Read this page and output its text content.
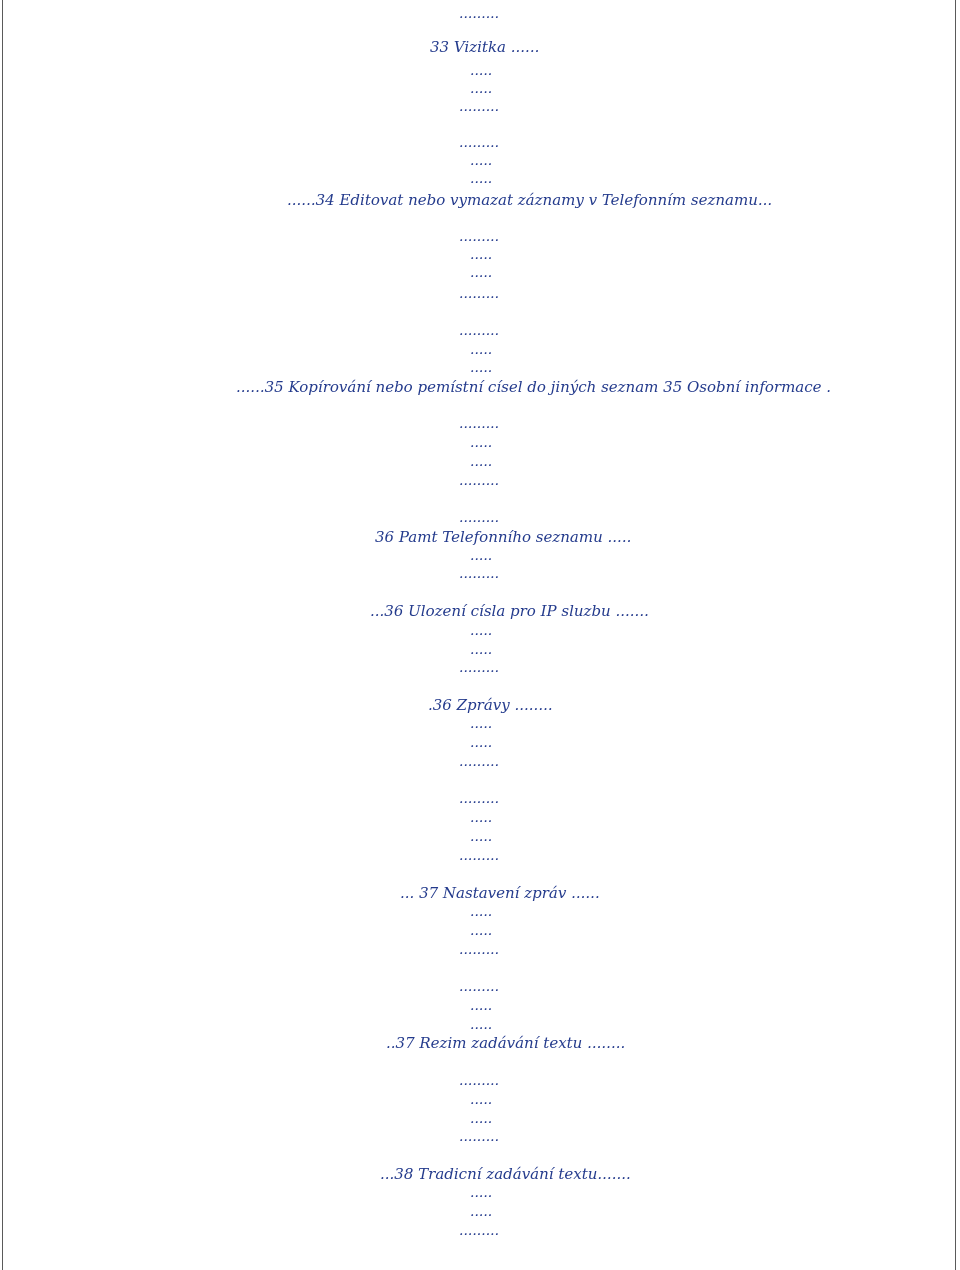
.........
33 Vizitka ......
.....
.....
.........
.........
.....
.....
......34 Editovat nebo vymazat záznamy v Telefonním seznamu...
.........
.....
.....
.........
.........
.....
.....
......35 Kopírování nebo pemístní císel do jiných seznam 35 Osobní informace .
.........
.....
.....
.........
.........
36 Pamt Telefonního seznamu .....
.....
.........
...36 Ulození císla pro IP sluzbu .......
.....
.....
.........
.36 Zprávy ........
.....
.....
.........
.........
.....
.....
.........
... 37 Nastavení zpráv ......
.....
.....
.........
.........
.....
.....
..37 Rezim zadávání textu ........
.........
.....
.....
.........
...38 Tradicní zadávání textu.......
.....
.....
.........
